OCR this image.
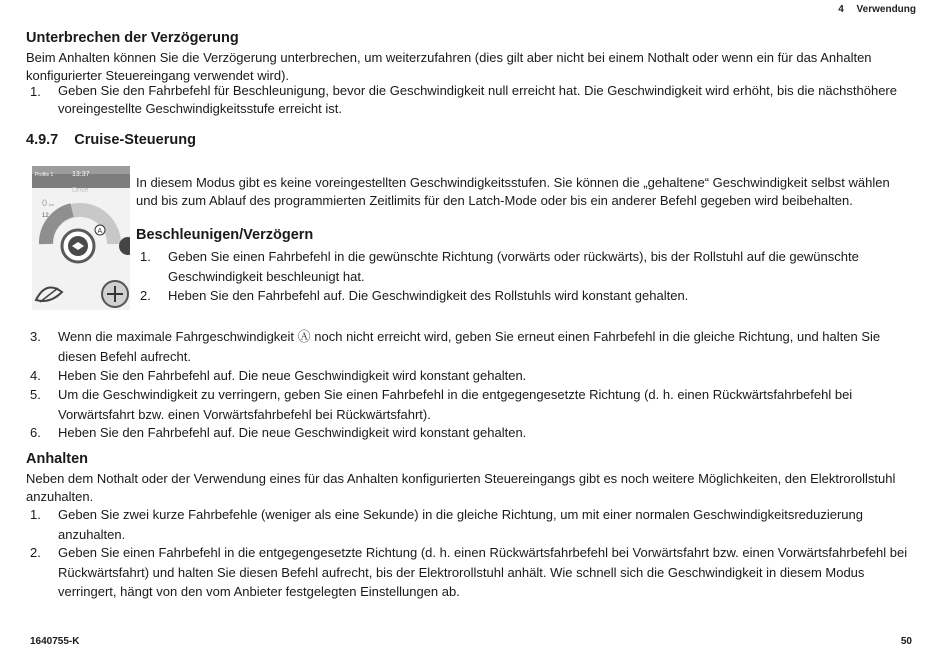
4 Verwendung
Unterbrechen der Verzögerung

Beim Anhalten können Sie die Verzögerung unterbrechen, um weiterzufahren (dies gilt aber nicht bei einem Nothalt oder wenn ein für das Anhalten konfigurierter Steuereingang verwendet wird).

1. Geben Sie den Fahrbefehl für Beschleunigung, bevor die Geschwindigkeit null erreicht hat. Die Geschwindigkeit wird erhöht, bis die nächsthöhere voreingestellte Geschwindigkeitsstufe erreicht ist.
4.9.7 Cruise-Steuerung
Profile 1	13:37
Drive
0 km
12
A

In diesem Modus gibt es keine voreingestellten Geschwindigkeitsstufen. Sie können die „gehaltene“ Geschwindigkeit selbst wählen und bis zum Ablauf des programmierten Zeitlimits für den Latch-Mode oder bis ein anderer Befehl gegeben wird beibehalten.

Beschleunigen/Verzögern
1. Geben Sie einen Fahrbefehl in die gewünschte Richtung (vorwärts oder rückwärts), bis der Rollstuhl auf die gewünschte Geschwindigkeit beschleunigt hat.
2. Heben Sie den Fahrbefehl auf. Die Geschwindigkeit des Rollstuhls wird konstant gehalten.
3. Wenn die maximale Fahrgeschwindigkeit Ⓐ noch nicht erreicht wird, geben Sie erneut einen Fahrbefehl in die gleiche Richtung, und halten Sie diesen Befehl aufrecht.
4. Heben Sie den Fahrbefehl auf. Die neue Geschwindigkeit wird konstant gehalten.
5. Um die Geschwindigkeit zu verringern, geben Sie einen Fahrbefehl in die entgegengesetzte Richtung (d. h. einen Rückwärtsfahrbefehl bei Vorwärtsfahrt bzw. einen Vorwärtsfahrbefehl bei Rückwärtsfahrt).
6. Heben Sie den Fahrbefehl auf. Die neue Geschwindigkeit wird konstant gehalten.
Anhalten

Neben dem Nothalt oder der Verwendung eines für das Anhalten konfigurierten Steuereingangs gibt es noch weitere Möglichkeiten, den Elektrorollstuhl anzuhalten.

1. Geben Sie zwei kurze Fahrbefehle (weniger als eine Sekunde) in die gleiche Richtung, um mit einer normalen Geschwindigkeitsreduzierung anzuhalten.
2. Geben Sie einen Fahrbefehl in die entgegengesetzte Richtung (d. h. einen Rückwärtsfahrbefehl bei Vorwärtsfahrt bzw. einen Vorwärtsfahrbefehl bei Rückwärtsfahrt) und halten Sie diesen Befehl aufrecht, bis der Elektrorollstuhl anhält. Wie schnell sich die Geschwindigkeit in diesem Modus verringert, hängt von den vom Anbieter festgelegten Einstellungen ab.
1640755-K	50
